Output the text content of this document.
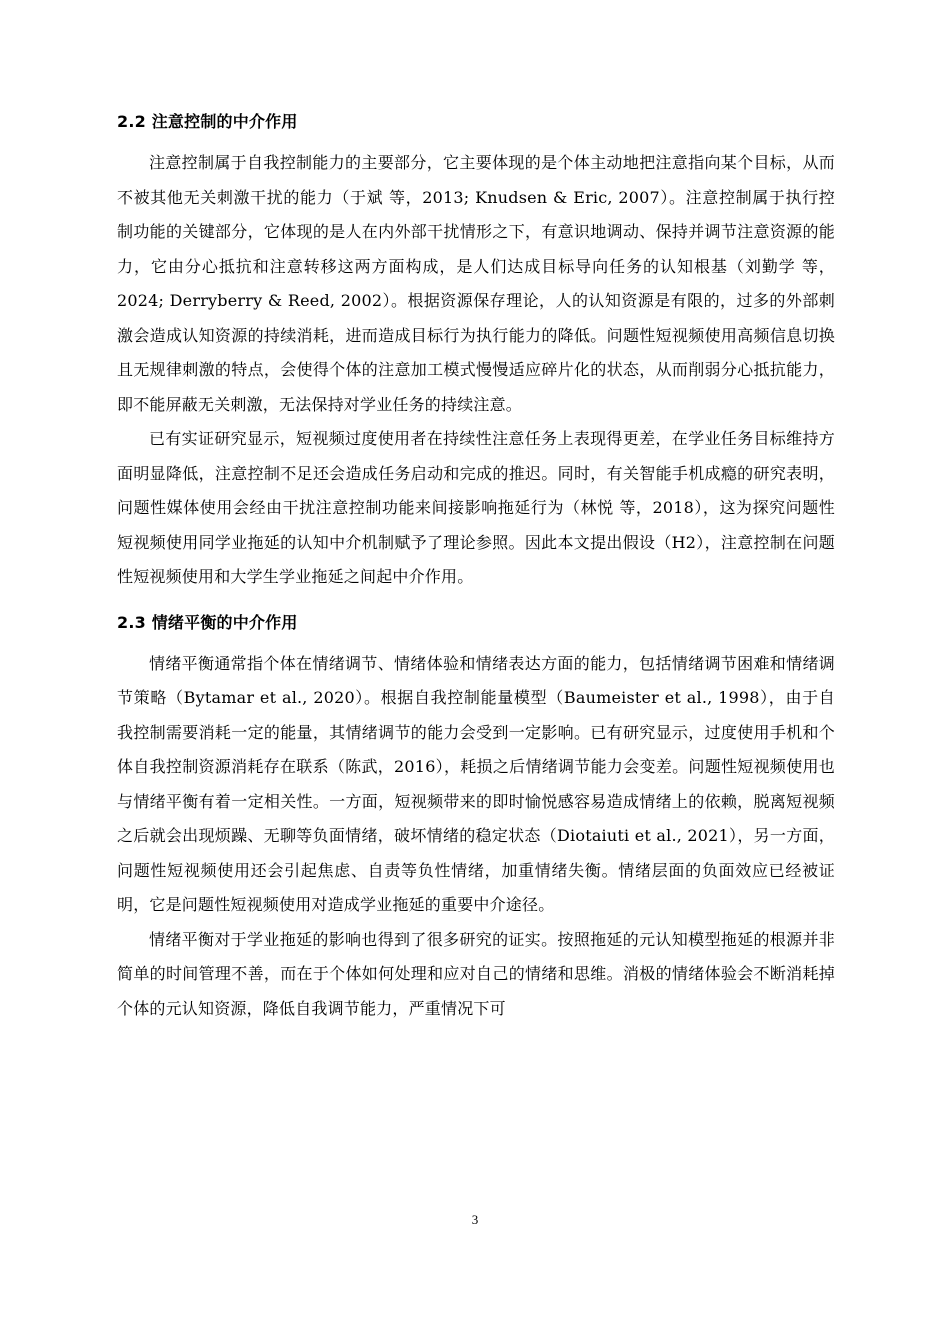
2.2 注意控制的中介作用

注意控制属于自我控制能力的主要部分，它主要体现的是个体主动地把注意指向某个目标，从而不被其他无关刺激干扰的能力（于斌 等，2013; Knudsen & Eric, 2007）。注意控制属于执行控制功能的关键部分，它体现的是人在内外部干扰情形之下，有意识地调动、保持并调节注意资源的能力，它由分心抵抗和注意转移这两方面构成，是人们达成目标导向任务的认知根基（刘勤学 等，2024; Derryberry & Reed, 2002）。根据资源保存理论，人的认知资源是有限的，过多的外部刺激会造成认知资源的持续消耗，进而造成目标行为执行能力的降低。问题性短视频使用高频信息切换且无规律刺激的特点，会使得个体的注意加工模式慢慢适应碎片化的状态，从而削弱分心抵抗能力，即不能屏蔽无关刺激，无法保持对学业任务的持续注意。

已有实证研究显示，短视频过度使用者在持续性注意任务上表现得更差，在学业任务目标维持方面明显降低，注意控制不足还会造成任务启动和完成的推迟。同时，有关智能手机成瘾的研究表明，问题性媒体使用会经由干扰注意控制功能来间接影响拖延行为（林悦 等，2018），这为探究问题性短视频使用同学业拖延的认知中介机制赋予了理论参照。因此本文提出假设（H2），注意控制在问题性短视频使用和大学生学业拖延之间起中介作用。

2.3 情绪平衡的中介作用

情绪平衡通常指个体在情绪调节、情绪体验和情绪表达方面的能力，包括情绪调节困难和情绪调节策略（Bytamar et al., 2020）。根据自我控制能量模型（Baumeister et al., 1998），由于自我控制需要消耗一定的能量，其情绪调节的能力会受到一定影响。已有研究显示，过度使用手机和个体自我控制资源消耗存在联系（陈武，2016），耗损之后情绪调节能力会变差。问题性短视频使用也与情绪平衡有着一定相关性。一方面，短视频带来的即时愉悦感容易造成情绪上的依赖，脱离短视频之后就会出现烦躁、无聊等负面情绪，破坏情绪的稳定状态（Diotaiuti et al., 2021），另一方面，问题性短视频使用还会引起焦虑、自责等负性情绪，加重情绪失衡。情绪层面的负面效应已经被证明，它是问题性短视频使用对造成学业拖延的重要中介途径。

情绪平衡对于学业拖延的影响也得到了很多研究的证实。按照拖延的元认知模型拖延的根源并非简单的时间管理不善，而在于个体如何处理和应对自己的情绪和思维。消极的情绪体验会不断消耗掉个体的元认知资源，降低自我调节能力，严重情况下可

3
